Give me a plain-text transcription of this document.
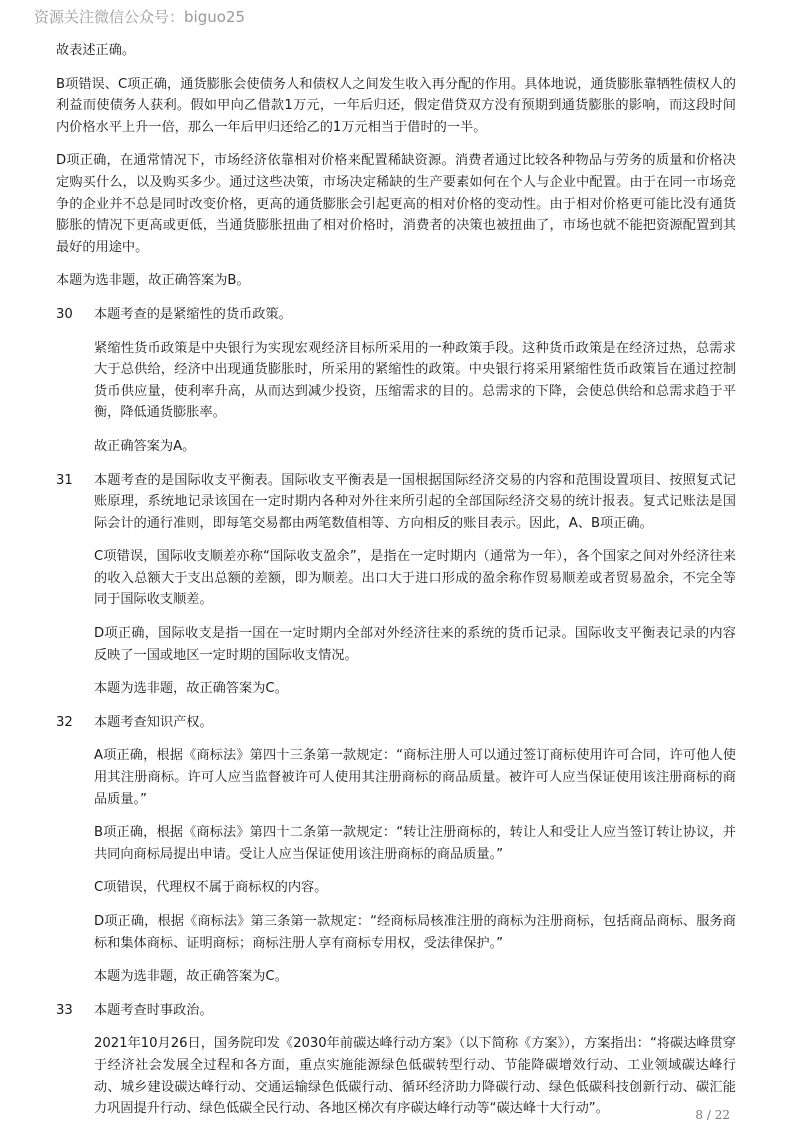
资源关注微信公众号：biguo25

故表述正确。

B项错误、C项正确，通货膨胀会使债务人和债权人之间发生收入再分配的作用。具体地说，通货膨胀靠牺牲债权人的利益而使债务人获利。假如甲向乙借款1万元，一年后归还，假定借贷双方没有预期到通货膨胀的影响，而这段时间内价格水平上升一倍，那么一年后甲归还给乙的1万元相当于借时的一半。

D项正确，在通常情况下，市场经济依靠相对价格来配置稀缺资源。消费者通过比较各种物品与劳务的质量和价格决定购买什么，以及购买多少。通过这些决策，市场决定稀缺的生产要素如何在个人与企业中配置。由于在同一市场竞争的企业并不总是同时改变价格，更高的通货膨胀会引起更高的相对价格的变动性。由于相对价格更可能比没有通货膨胀的情况下更高或更低，当通货膨胀扭曲了相对价格时，消费者的决策也被扭曲了，市场也就不能把资源配置到其最好的用途中。

本题为选非题，故正确答案为B。

30	本题考查的是紧缩性的货币政策。

紧缩性货币政策是中央银行为实现宏观经济目标所采用的一种政策手段。这种货币政策是在经济过热，总需求大于总供给，经济中出现通货膨胀时，所采用的紧缩性的政策。中央银行将采用紧缩性货币政策旨在通过控制货币供应量，使利率升高，从而达到减少投资，压缩需求的目的。总需求的下降，会使总供给和总需求趋于平衡，降低通货膨胀率。

故正确答案为A。

31	本题考查的是国际收支平衡表。国际收支平衡表是一国根据国际经济交易的内容和范围设置项目、按照复式记账原理，系统地记录该国在一定时期内各种对外往来所引起的全部国际经济交易的统计报表。复式记账法是国际会计的通行准则，即每笔交易都由两笔数值相等、方向相反的账目表示。因此，A、B项正确。

C项错误，国际收支顺差亦称“国际收支盈余”，是指在一定时期内（通常为一年），各个国家之间对外经济往来的收入总额大于支出总额的差额，即为顺差。出口大于进口形成的盈余称作贸易顺差或者贸易盈余，不完全等同于国际收支顺差。

D项正确，国际收支是指一国在一定时期内全部对外经济往来的系统的货币记录。国际收支平衡表记录的内容反映了一国或地区一定时期的国际收支情况。

本题为选非题，故正确答案为C。

32	本题考查知识产权。

A项正确，根据《商标法》第四十三条第一款规定：“商标注册人可以通过签订商标使用许可合同，许可他人使用其注册商标。许可人应当监督被许可人使用其注册商标的商品质量。被许可人应当保证使用该注册商标的商品质量。”

B项正确，根据《商标法》第四十二条第一款规定：“转让注册商标的，转让人和受让人应当签订转让协议，并共同向商标局提出申请。受让人应当保证使用该注册商标的商品质量。”

C项错误，代理权不属于商标权的内容。

D项正确，根据《商标法》第三条第一款规定：“经商标局核准注册的商标为注册商标，包括商品商标、服务商标和集体商标、证明商标；商标注册人享有商标专用权，受法律保护。”

本题为选非题，故正确答案为C。

33	本题考查时事政治。

2021年10月26日，国务院印发《2030年前碳达峰行动方案》（以下简称《方案》），方案指出：“将碳达峰贯穿于经济社会发展全过程和各方面，重点实施能源绿色低碳转型行动、节能降碳增效行动、工业领域碳达峰行动、城乡建设碳达峰行动、交通运输绿色低碳行动、循环经济助力降碳行动、绿色低碳科技创新行动、碳汇能力巩固提升行动、绿色低碳全民行动、各地区梯次有序碳达峰行动等“碳达峰十大行动”。	8 / 22
